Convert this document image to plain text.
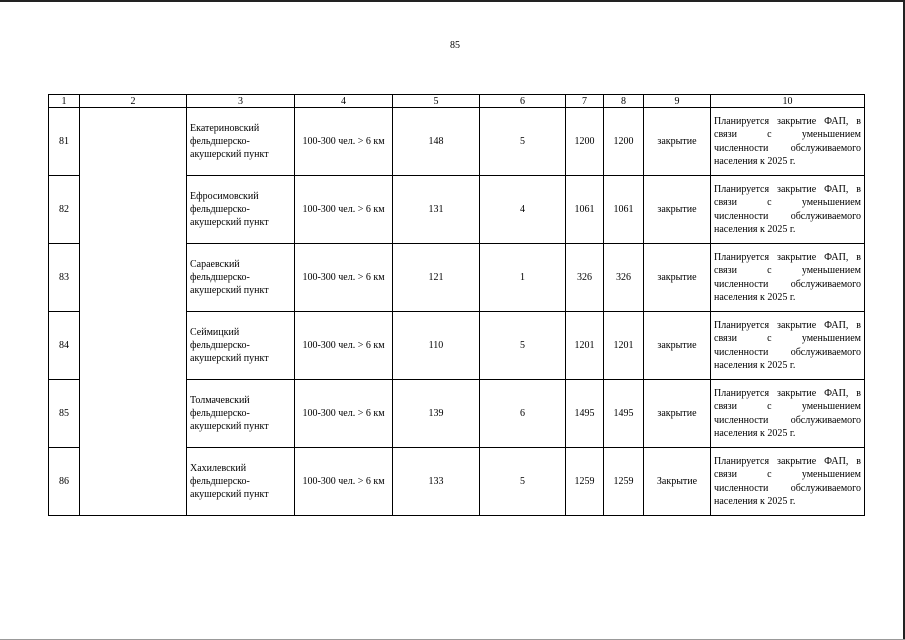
85
1	2	3	4	5	6	7	8	9	10
81		Екатериновский фельдшерско-акушерский пункт	100-300 чел. > 6 км	148	5	1200	1200	закрытие	Планируется закрытие ФАП, в связи с уменьшением численности обслуживаемого населения к 2025 г.
82		Ефросимовский фельдшерско-акушерский пункт	100-300 чел. > 6 км	131	4	1061	1061	закрытие	Планируется закрытие ФАП, в связи с уменьшением численности обслуживаемого населения к 2025 г.
83		Сараевский фельдшерско-акушерский пункт	100-300 чел. > 6 км	121	1	326	326	закрытие	Планируется закрытие ФАП, в связи с уменьшением численности обслуживаемого населения к 2025 г.
84		Сеймицкий фельдшерско-акушерский пункт	100-300 чел. > 6 км	110	5	1201	1201	закрытие	Планируется закрытие ФАП, в связи с уменьшением численности обслуживаемого населения к 2025 г.
85		Толмачевский фельдшерско-акушерский пункт	100-300 чел. > 6 км	139	6	1495	1495	закрытие	Планируется закрытие ФАП, в связи с уменьшением численности обслуживаемого населения к 2025 г.
86		Хахилевский фельдшерско-акушерский пункт	100-300 чел. > 6 км	133	5	1259	1259	Закрытие	Планируется закрытие ФАП, в связи с уменьшением численности обслуживаемого населения к 2025 г.
